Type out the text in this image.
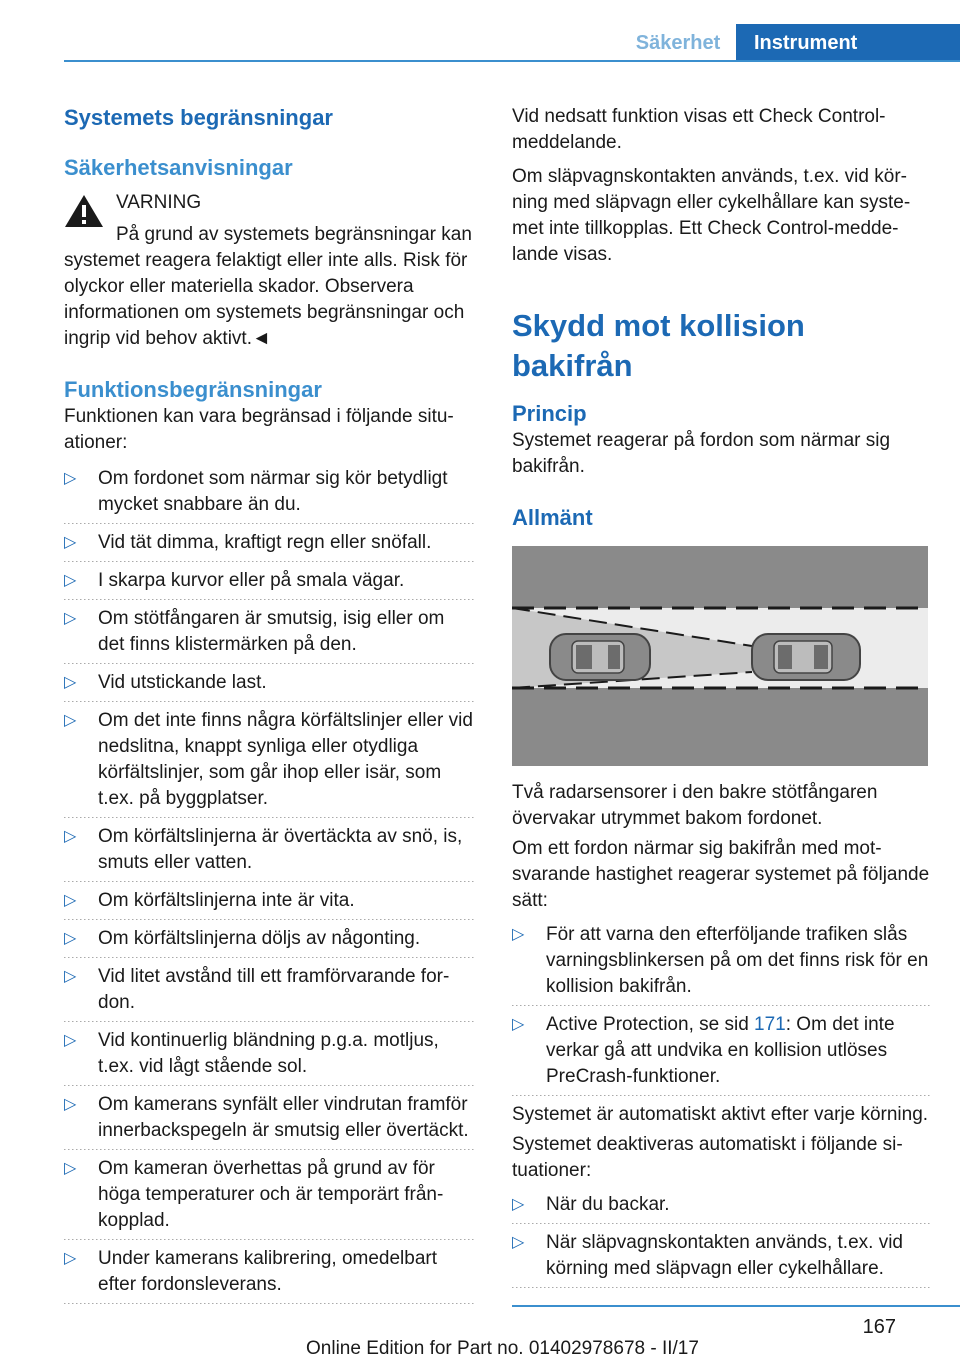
Säkerhet	Instrument
Systemets begränsningar
Säkerhetsanvisningar

VARNING

På grund av systemets begränsningar kan systemet reagera felaktigt eller inte alls. Risk för olyckor eller materiella skador. Observera informationen om systemets begränsningar och ingrip vid behov aktivt.◄

Funktionsbegränsningar

Funktionen kan vara begränsad i följande situationer:

▷	Om fordonet som närmar sig kör betydligt mycket snabbare än du.
▷	Vid tät dimma, kraftigt regn eller snöfall.
▷	I skarpa kurvor eller på smala vägar.
▷	Om stötfångaren är smutsig, isig eller om det finns klistermärken på den.
▷	Vid utstickande last.
▷	Om det inte finns några körfältslinjer eller vid nedslitna, knappt synliga eller otydliga körfältslinjer, som går ihop eller isär, som t.ex. på byggplatser.
▷	Om körfältslinjerna är övertäckta av snö, is, smuts eller vatten.
▷	Om körfältslinjerna inte är vita.
▷	Om körfältslinjerna döljs av någonting.
▷	Vid litet avstånd till ett framförvarande fordon.
▷	Vid kontinuerlig bländning p.g.a. motljus, t.ex. vid lågt stående sol.
▷	Om kamerans synfält eller vindrutan framför innerbackspegeln är smutsig eller övertäckt.
▷	Om kameran överhettas på grund av för höga temperaturer och är temporärt frånkopplad.
▷	Under kamerans kalibrering, omedelbart efter fordonsleverans.

Vid nedsatt funktion visas ett Check Control-meddelande.

Om släpvagnskontakten används, t.ex. vid körning med släpvagn eller cykelhållare kan systemet inte tillkopplas. Ett Check Control-meddelande visas.

Skydd mot kollision bakifrån
Princip

Systemet reagerar på fordon som närmar sig bakifrån.

Allmänt

Två radarsensorer i den bakre stötfångaren övervakar utrymmet bakom fordonet.

Om ett fordon närmar sig bakifrån med motsvarande hastighet reagerar systemet på följande sätt:

▷	För att varna den efterföljande trafiken slås varningsblinkersen på om det finns risk för en kollision bakifrån.
▷	Active Protection, se sid 171: Om det inte verkar gå att undvika en kollision utlöses PreCrash-funktioner.

Systemet är automatiskt aktivt efter varje körning.

Systemet deaktiveras automatiskt i följande situationer:

▷	När du backar.
▷	När släpvagnskontakten används, t.ex. vid körning med släpvagn eller cykelhållare.
167
Online Edition for Part no. 01402978678 - II/17
